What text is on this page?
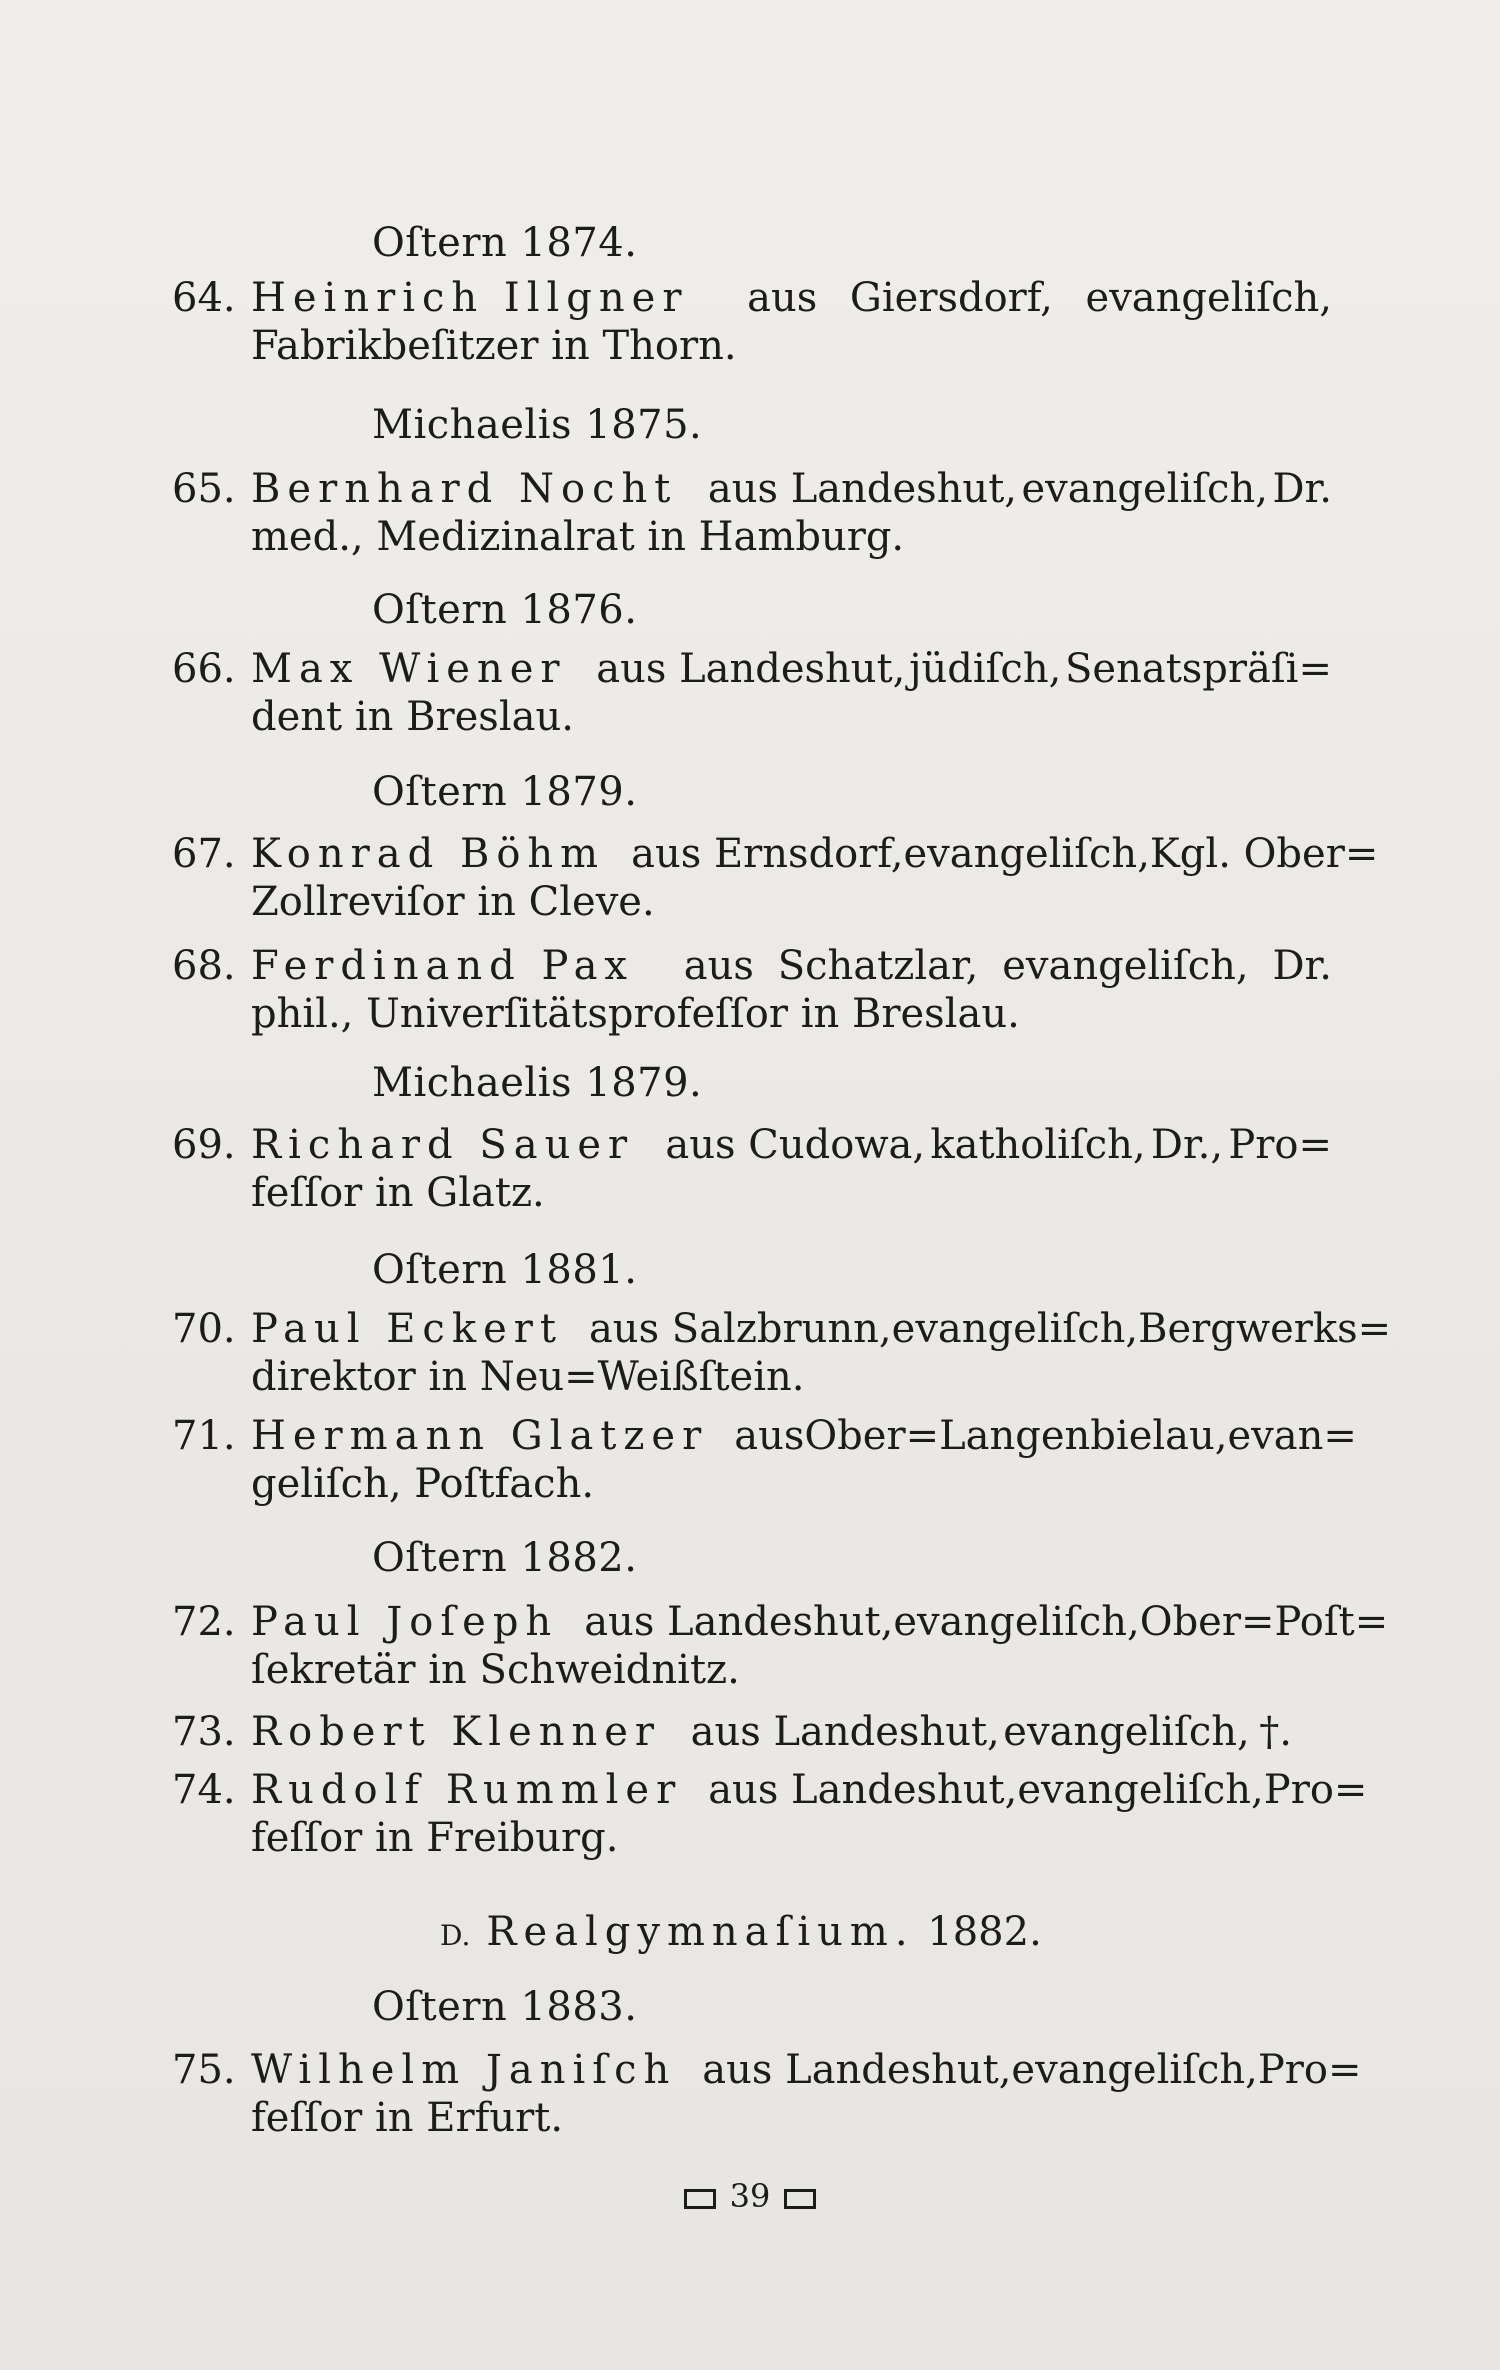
Oſtern 1874.
Michaelis 1875.
Oſtern 1876.
Oſtern 1879.
Michaelis 1879.
Oſtern 1881.
Oſtern 1882.
Oſtern 1883.
64. Heinrich Illgner aus Giersdorf, evangeliſch,
Fabrikbeſitzer in Thorn.
65. Bernhard Nocht aus Landeshut, evangeliſch, Dr.
med., Medizinalrat in Hamburg.
66. Max Wiener aus Landeshut, jüdiſch, Senatspräſi=
dent in Breslau.
67. Konrad Böhm aus Ernsdorf, evangeliſch, Kgl. Ober=
Zollreviſor in Cleve.
68. Ferdinand Pax aus Schatzlar, evangeliſch, Dr.
phil., Univerſitätsprofeſſor in Breslau.
69. Richard Sauer aus Cudowa, katholiſch, Dr., Pro=
feſſor in Glatz.
70. Paul Eckert aus Salzbrunn, evangeliſch, Bergwerks=
direktor in Neu=Weißſtein.
71. Hermann Glatzer aus Ober=Langenbielau, evan=
geliſch, Poſtfach.
72. Paul Joſeph aus Landeshut, evangeliſch, Ober=Poſt=
ſekretär in Schweidnitz.
73. Robert Klenner aus Landeshut, evangeliſch, †.
74. Rudolf Rummler aus Landeshut, evangeliſch, Pro=
feſſor in Freiburg.
D. Realgymnaſium. 1882.
75. Wilhelm Janiſch aus Landeshut, evangeliſch, Pro=
feſſor in Erfurt.
39
